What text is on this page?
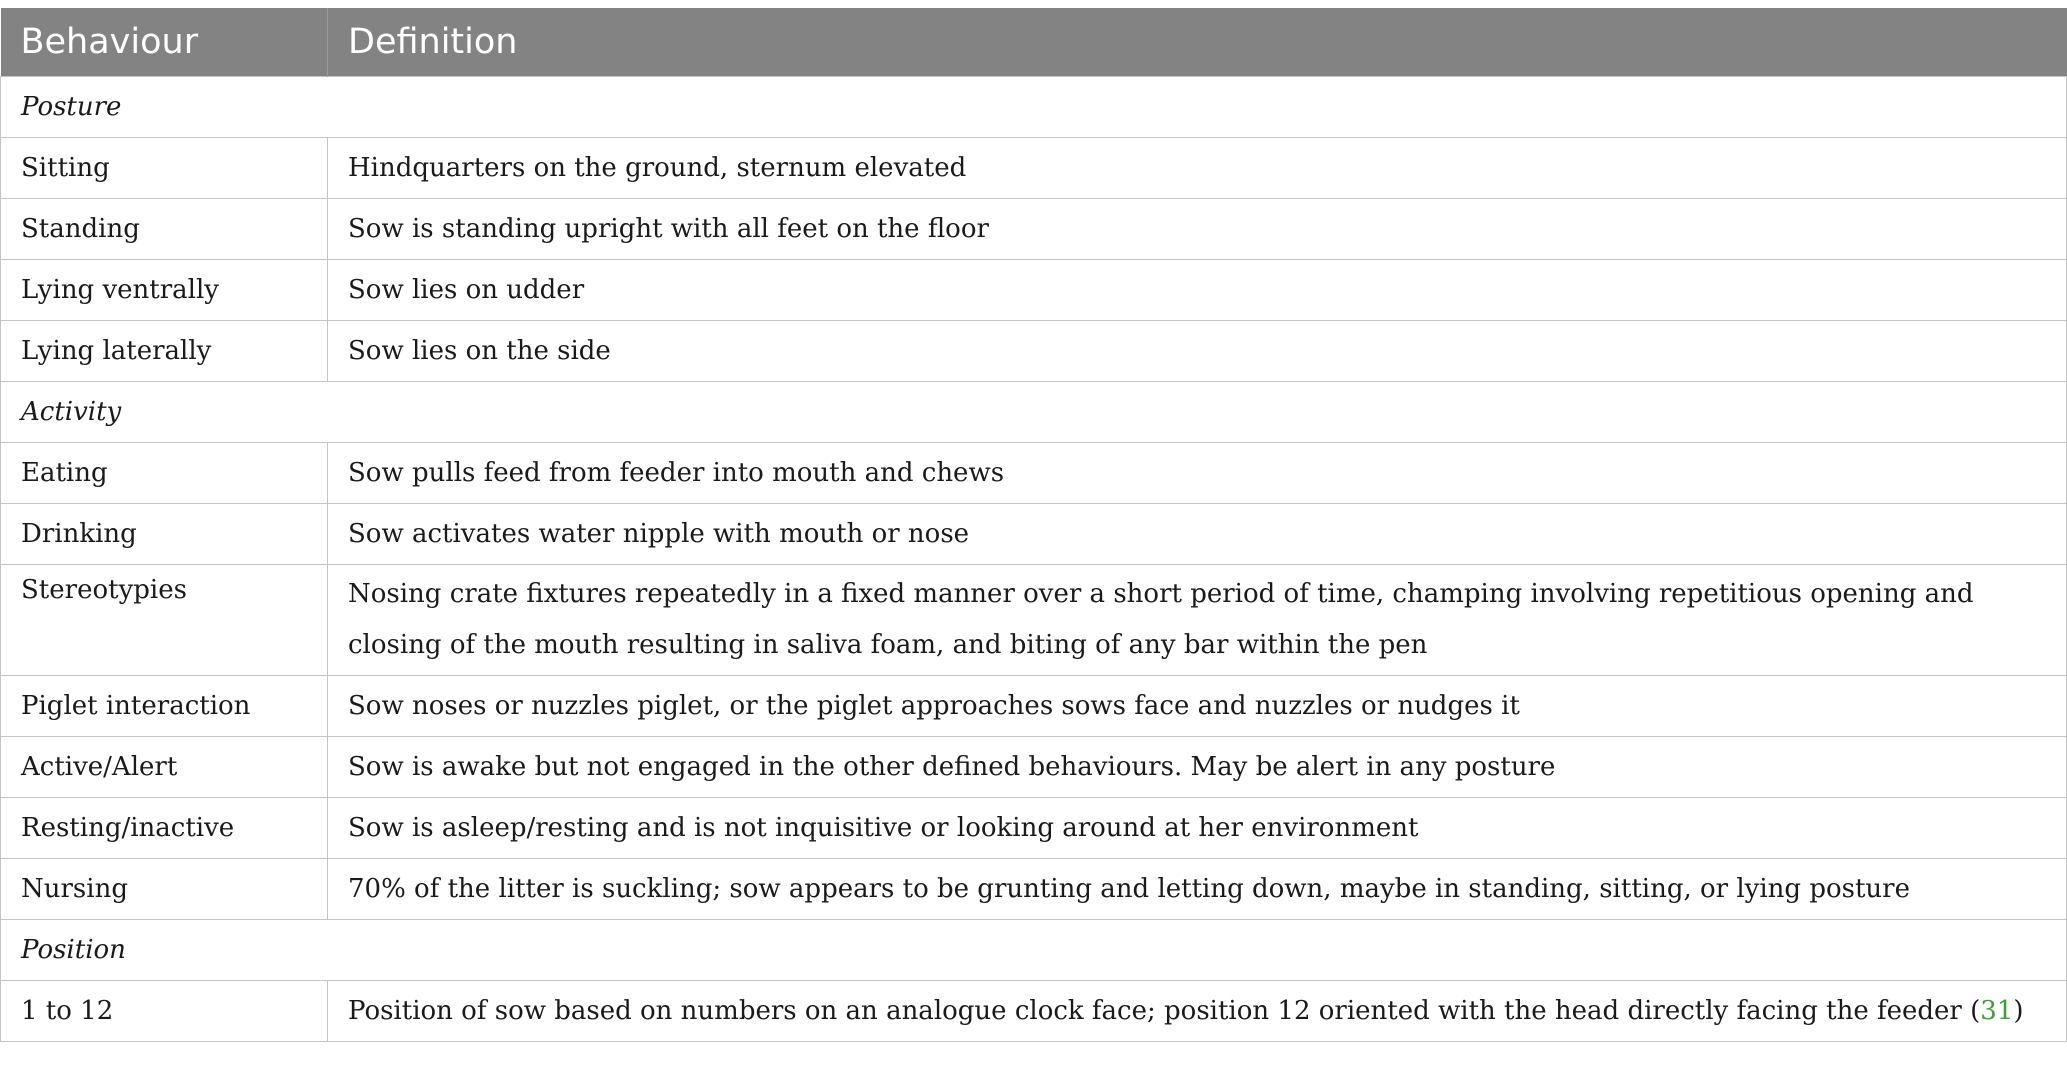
Behaviour	Definition
Posture	
Sitting	Hindquarters on the ground, sternum elevated
Standing	Sow is standing upright with all feet on the floor
Lying ventrally	Sow lies on udder
Lying laterally	Sow lies on the side
Activity	
Eating	Sow pulls feed from feeder into mouth and chews
Drinking	Sow activates water nipple with mouth or nose
Stereotypies	Nosing crate fixtures repeatedly in a fixed manner over a short period of time, champing involving repetitious opening and closing of the mouth resulting in saliva foam, and biting of any bar within the pen
Piglet interaction	Sow noses or nuzzles piglet, or the piglet approaches sows face and nuzzles or nudges it
Active/Alert	Sow is awake but not engaged in the other defined behaviours. May be alert in any posture
Resting/inactive	Sow is asleep/resting and is not inquisitive or looking around at her environment
Nursing	70% of the litter is suckling; sow appears to be grunting and letting down, maybe in standing, sitting, or lying posture
Position	
1 to 12	Position of sow based on numbers on an analogue clock face; position 12 oriented with the head directly facing the feeder (31)
